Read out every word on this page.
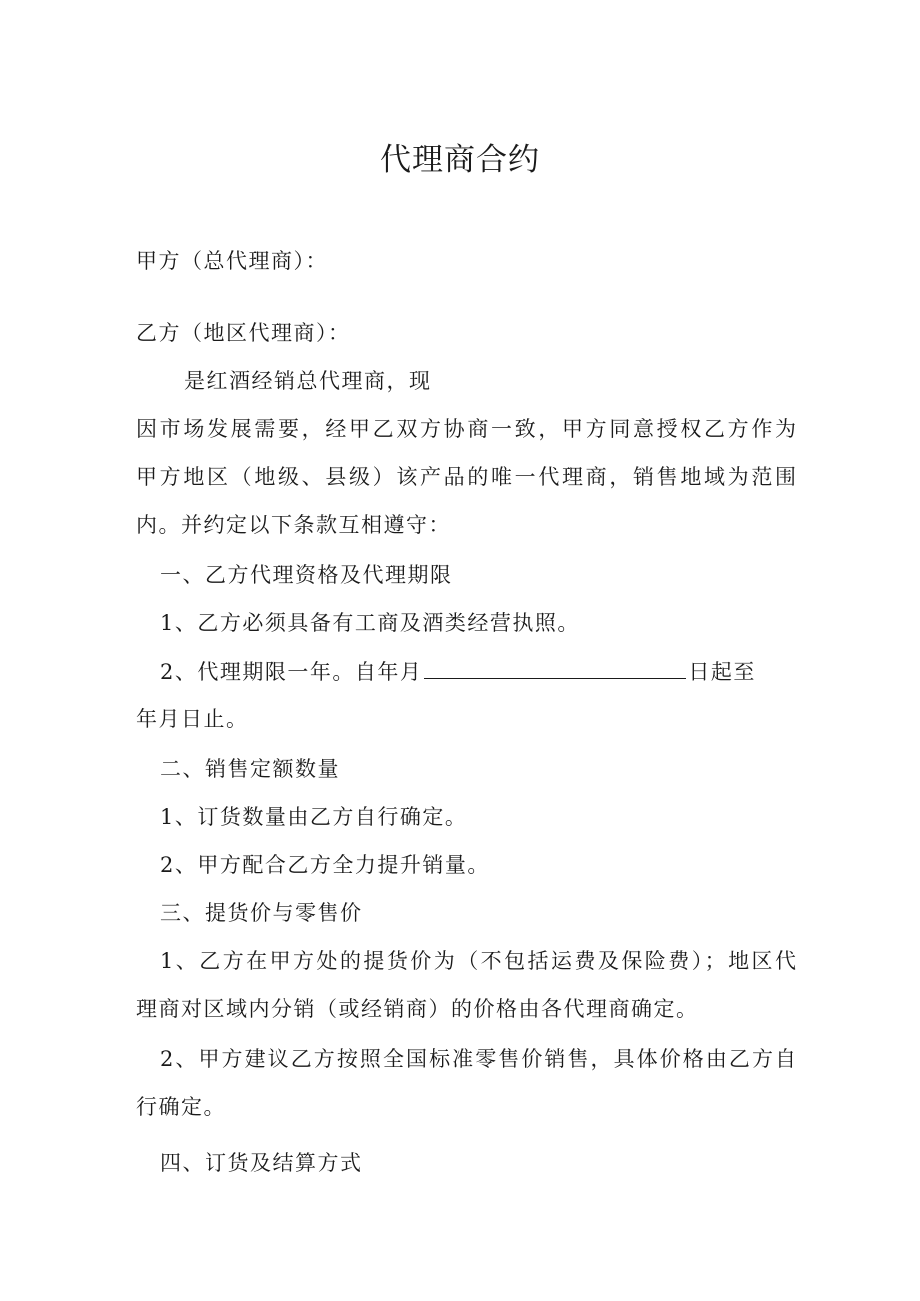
代理商合约
甲方（总代理商）：
乙方（地区代理商）：
是红酒经销总代理商，现
因市场发展需要，经甲乙双方协商一致，甲方同意授权乙方作为
甲方地区（地级、县级）该产品的唯一代理商，销售地域为范围
内。并约定以下条款互相遵守：
一、乙方代理资格及代理期限
1、乙方必须具备有工商及酒类经营执照。
2、代理期限一年。自年月	日起至
年月日止。
二、销售定额数量
1、订货数量由乙方自行确定。
2、甲方配合乙方全力提升销量。
三、提货价与零售价
1、乙方在甲方处的提货价为（不包括运费及保险费）；地区代
理商对区域内分销（或经销商）的价格由各代理商确定。
2、甲方建议乙方按照全国标准零售价销售，具体价格由乙方自
行确定。
四、订货及结算方式
